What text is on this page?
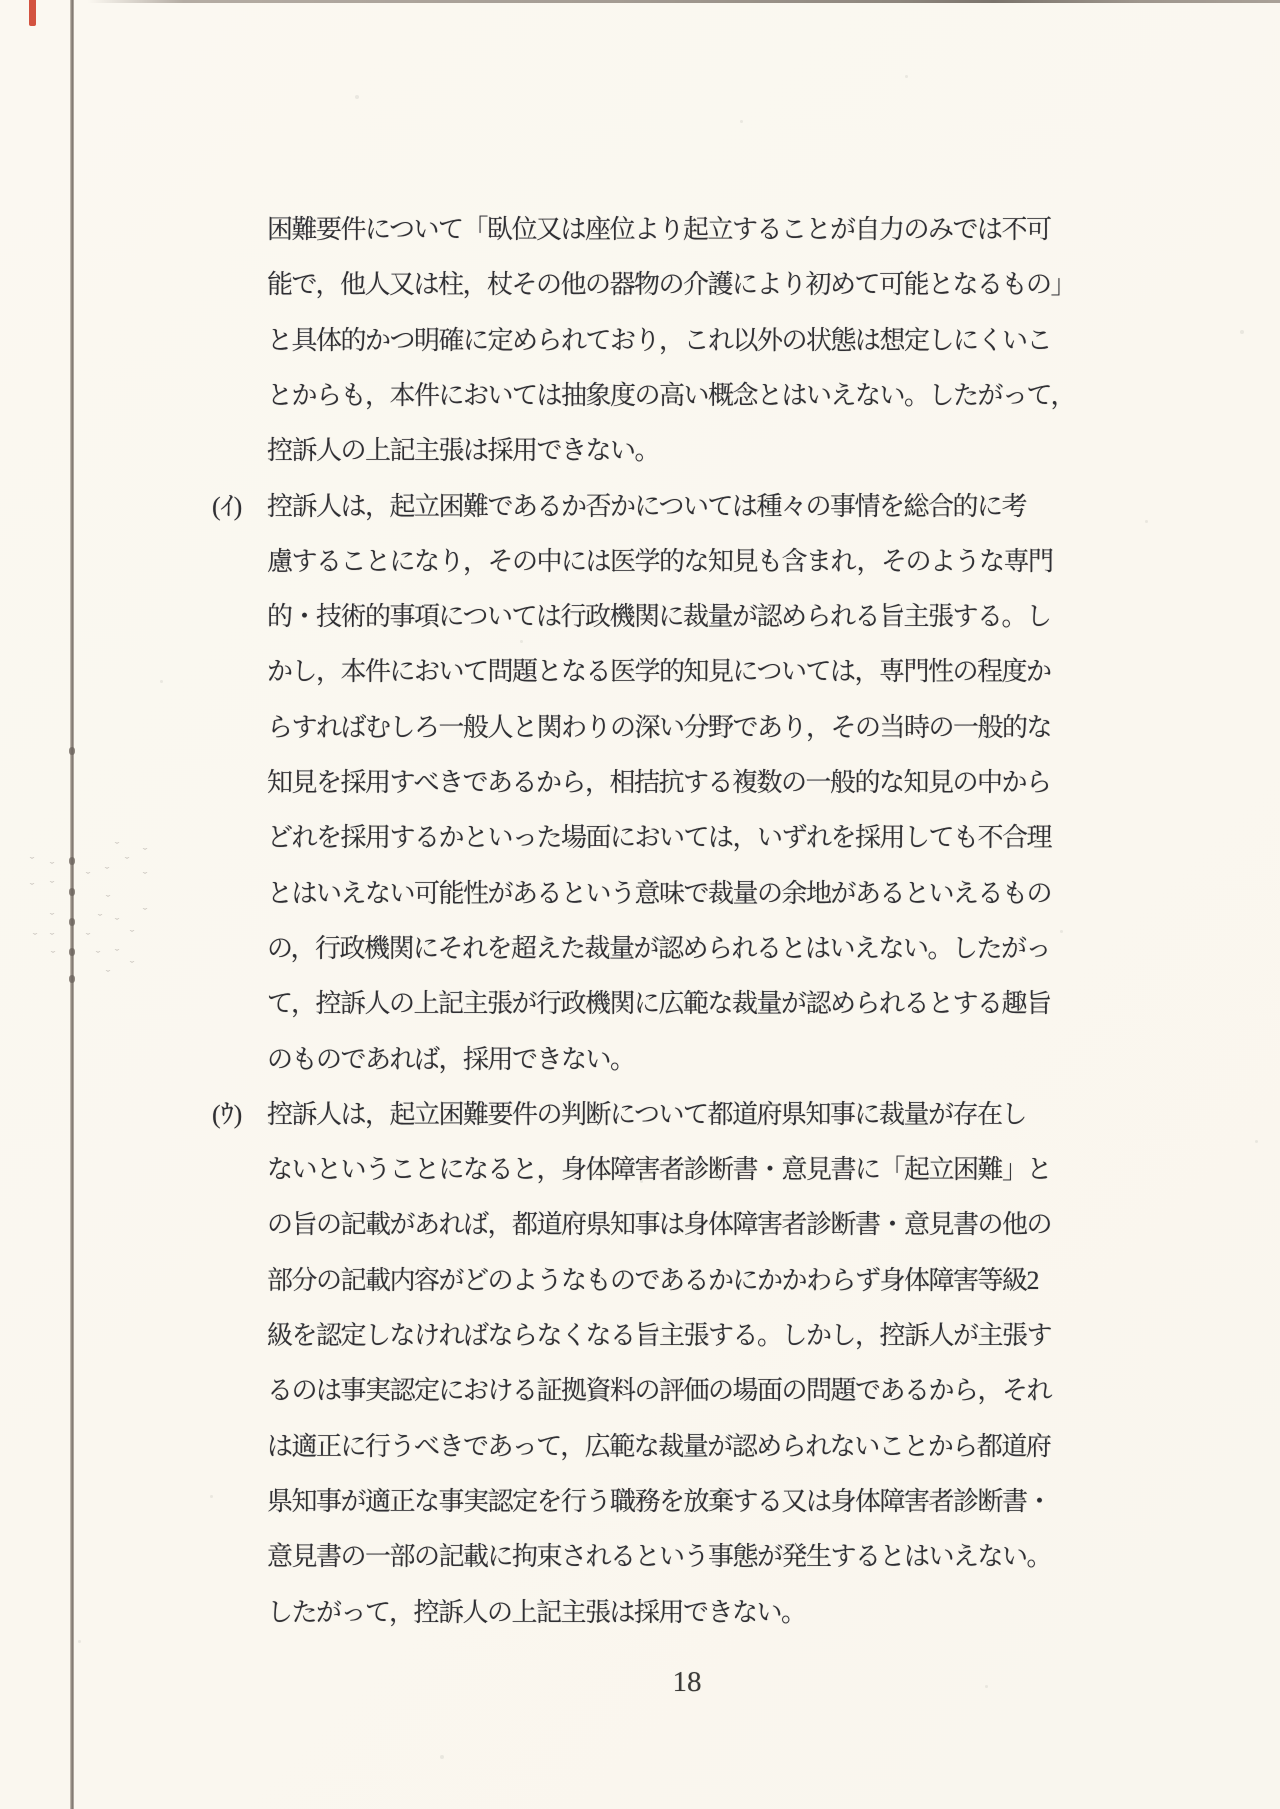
困難要件について「臥位又は座位より起立することが自力のみでは不可
能で，他人又は柱，杖その他の器物の介護により初めて可能となるもの」
と具体的かつ明確に定められており，これ以外の状態は想定しにくいこ
とからも，本件においては抽象度の高い概念とはいえない。したがって，
控訴人の上記主張は採用できない。
(ｲ) 控訴人は，起立困難であるか否かについては種々の事情を総合的に考
慮することになり，その中には医学的な知見も含まれ，そのような専門
的・技術的事項については行政機関に裁量が認められる旨主張する。し
かし，本件において問題となる医学的知見については，専門性の程度か
らすればむしろ一般人と関わりの深い分野であり，その当時の一般的な
知見を採用すべきであるから，相拮抗する複数の一般的な知見の中から
どれを採用するかといった場面においては，いずれを採用しても不合理
とはいえない可能性があるという意味で裁量の余地があるといえるもの
の，行政機関にそれを超えた裁量が認められるとはいえない。したがっ
て，控訴人の上記主張が行政機関に広範な裁量が認められるとする趣旨
のものであれば，採用できない。
(ｳ) 控訴人は，起立困難要件の判断について都道府県知事に裁量が存在し
ないということになると，身体障害者診断書・意見書に「起立困難」と
の旨の記載があれば，都道府県知事は身体障害者診断書・意見書の他の
部分の記載内容がどのようなものであるかにかかわらず身体障害等級2
級を認定しなければならなくなる旨主張する。しかし，控訴人が主張す
るのは事実認定における証拠資料の評価の場面の問題であるから，それ
は適正に行うべきであって，広範な裁量が認められないことから都道府
県知事が適正な事実認定を行う職務を放棄する又は身体障害者診断書・
意見書の一部の記載に拘束されるという事態が発生するとはいえない。
したがって，控訴人の上記主張は採用できない。
18
ˇ ˇ
ˇ ˇ
ˇ ˇ
ˇ
ˇ
ˇ ˇ
ˇ
ˇ
ˇ	ˇ ˇ
ˇ
ˇ ˇ	ˇ
ˇ
ˇ
ˇ
ˇ
ˇ
